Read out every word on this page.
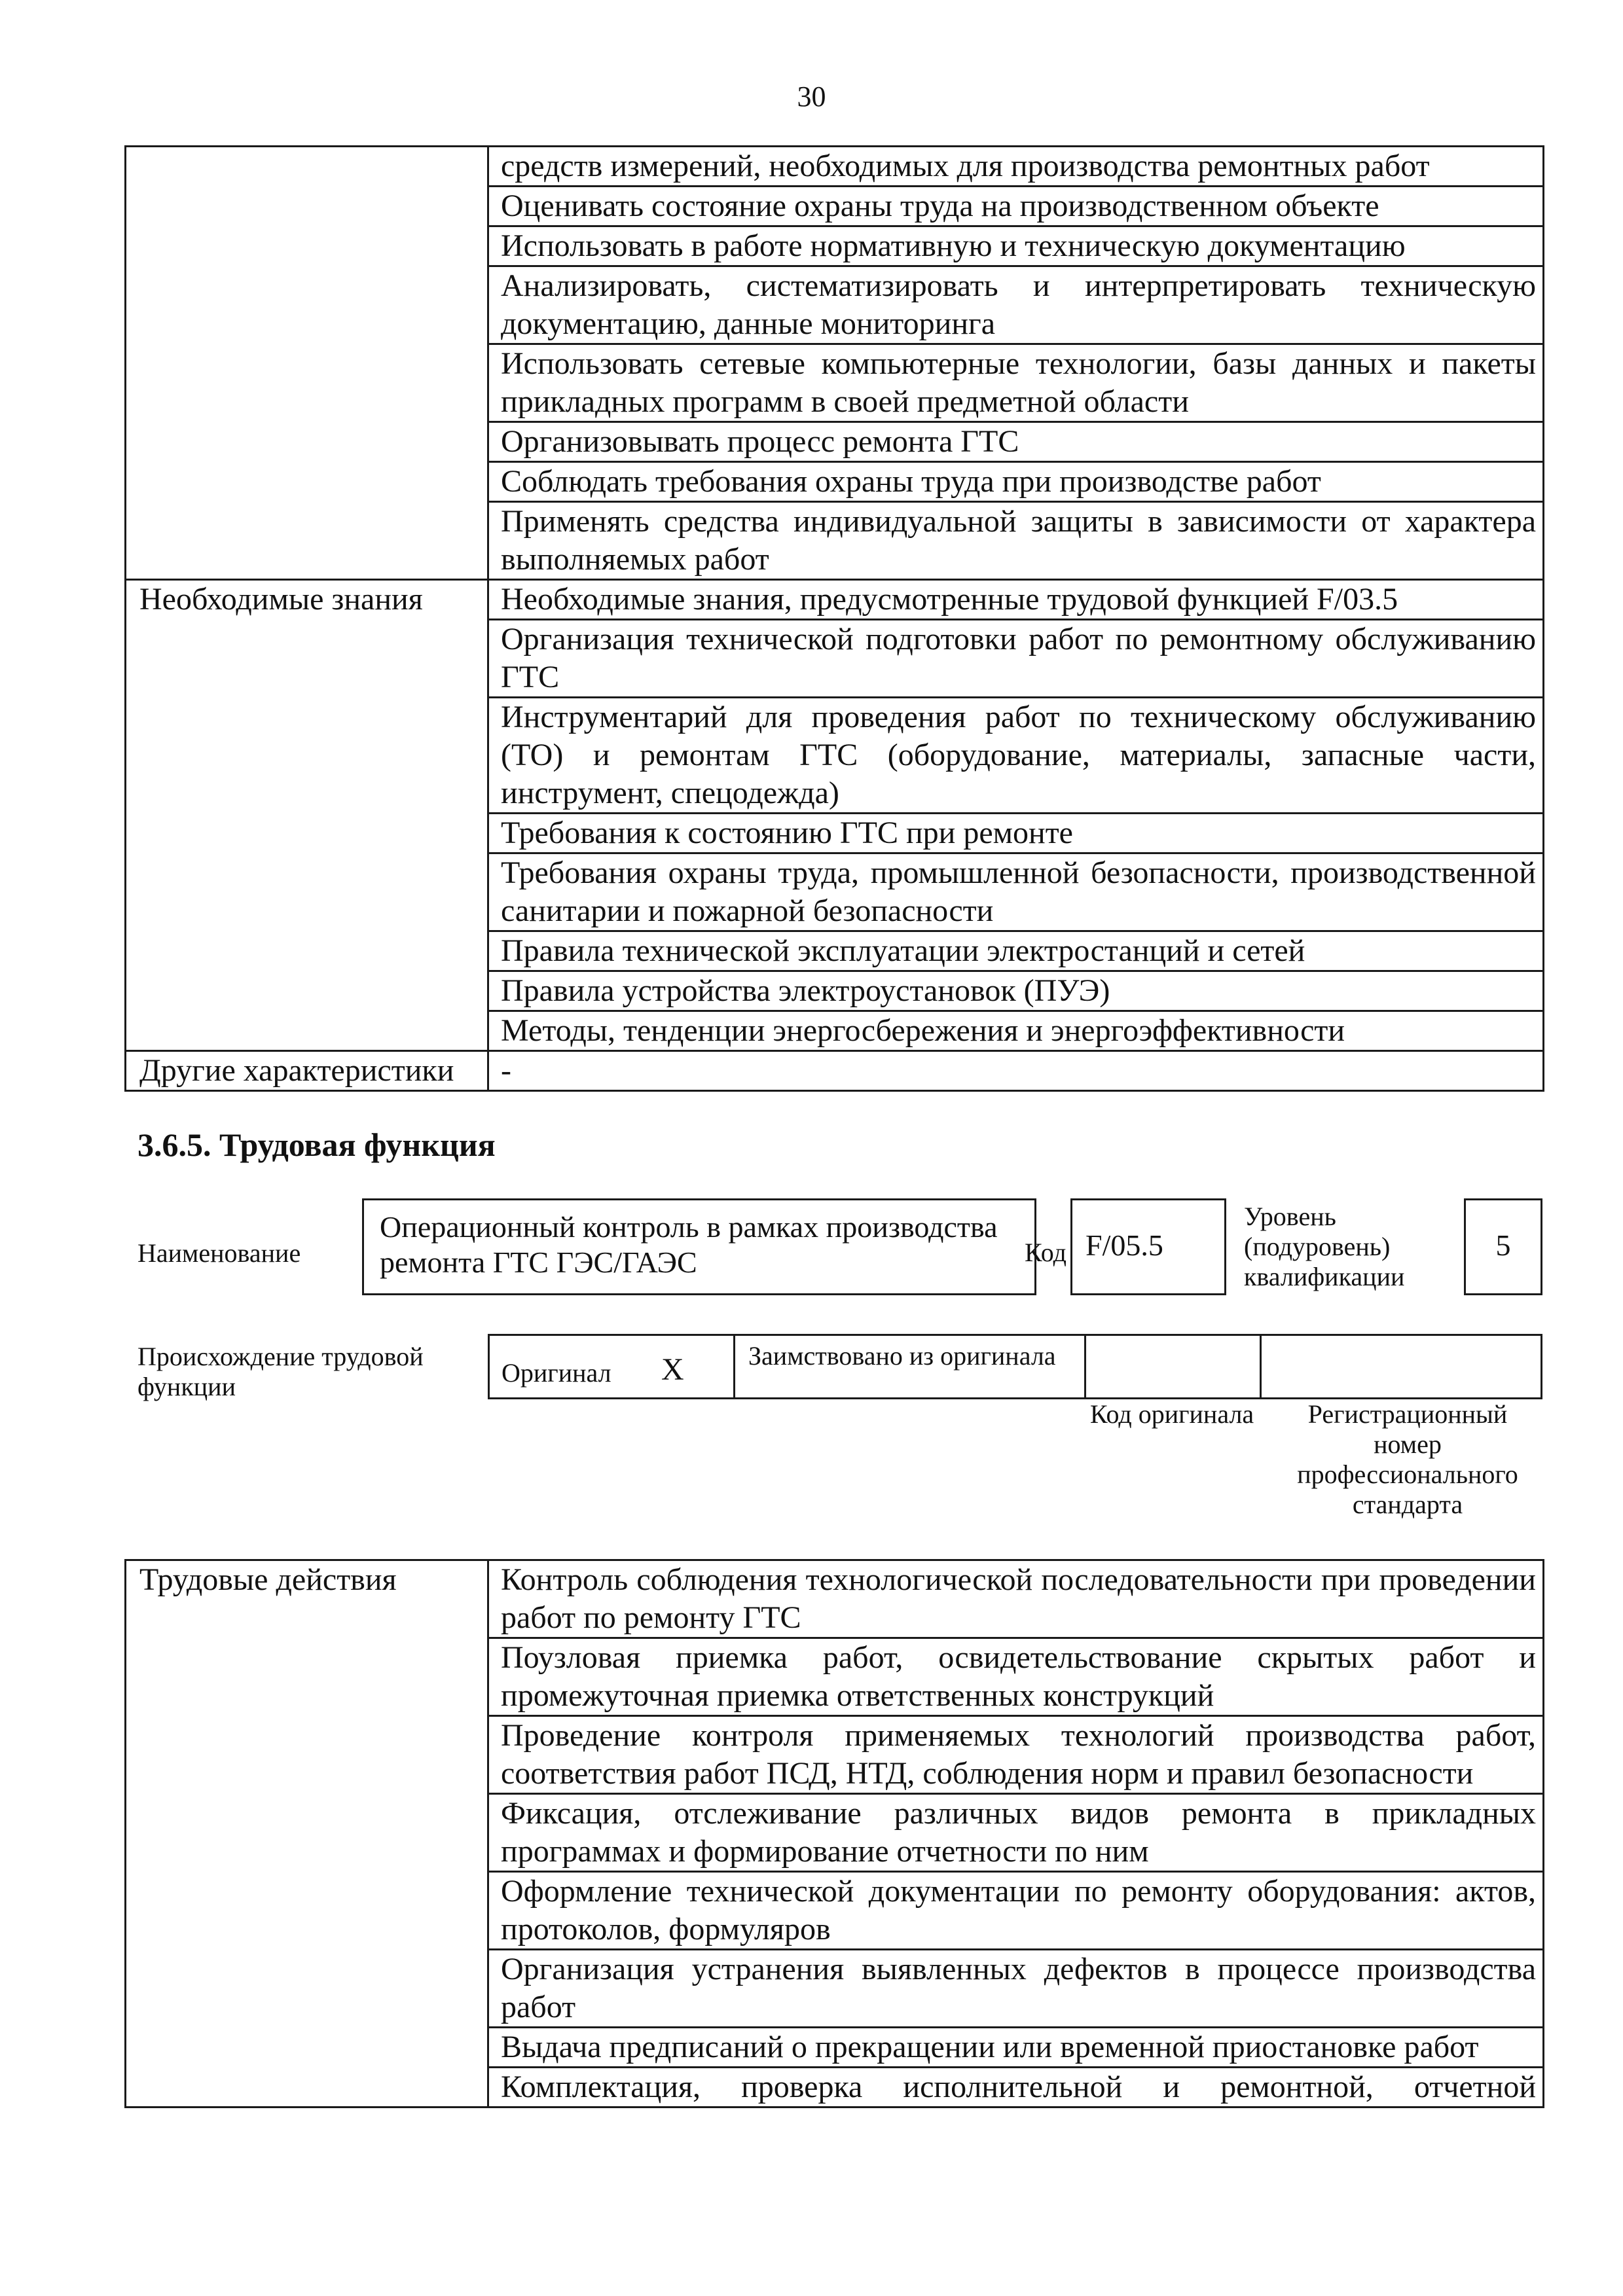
30
	средств измерений, необходимых для производства ремонтных работ
	Оценивать состояние охраны труда на производственном объекте
	Использовать в работе нормативную и техническую документацию
	Анализировать, систематизировать и интерпретировать техническую документацию, данные мониторинга
	Использовать сетевые компьютерные технологии, базы данных и пакеты прикладных программ в своей предметной области
	Организовывать процесс ремонта ГТС
	Соблюдать требования охраны труда при производстве работ
	Применять средства индивидуальной защиты в зависимости от характера выполняемых работ
Необходимые знания	Необходимые знания, предусмотренные трудовой функцией F/03.5
	Организация технической подготовки работ по ремонтному обслуживанию ГТС
	Инструментарий для проведения работ по техническому обслуживанию (ТО) и ремонтам ГТС (оборудование, материалы, запасные части, инструмент, спецодежда)
	Требования к состоянию ГТС при ремонте
	Требования охраны труда, промышленной безопасности, производственной санитарии и пожарной безопасности
	Правила технической эксплуатации электростанций и сетей
	Правила устройства электроустановок (ПУЭ)
	Методы, тенденции энергосбережения и энергоэффективности
Другие характеристики	-
3.6.5. Трудовая функция
Наименование
Операционный контроль в рамках производства ремонта ГТС ГЭС/ГАЭС	Код F/05.5
Уровень (подуровень) квалификации
5
Происхождение трудовой функции	Оригинал X Заимствовано из оригинала
Код оригинала	Регистрационный номер профессионального стандарта
Трудовые действия	Контроль соблюдения технологической последовательности при проведении работ по ремонту ГТС
Поузловая приемка работ, освидетельствование скрытых работ и промежуточная приемка ответственных конструкций
Проведение контроля применяемых технологий производства работ, соответствия работ ПСД, НТД, соблюдения норм и правил безопасности
Фиксация, отслеживание различных видов ремонта в прикладных программах и формирование отчетности по ним
Оформление технической документации по ремонту оборудования: актов, протоколов, формуляров
Организация устранения выявленных дефектов в процессе производства работ
Выдача предписаний о прекращении или временной приостановке работ
Комплектация, проверка исполнительной и ремонтной, отчетной
